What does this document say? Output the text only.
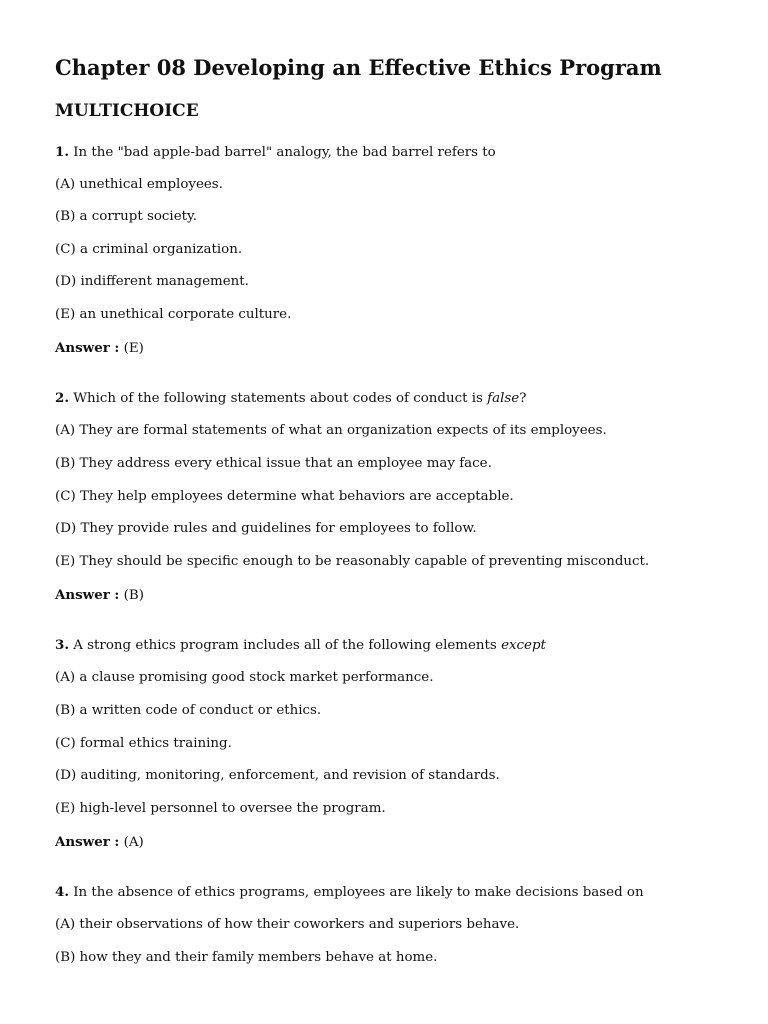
Chapter 08 Developing an Effective Ethics Program
MULTICHOICE

1. In the "bad apple-bad barrel" analogy, the bad barrel refers to

(A) unethical employees.

(B) a corrupt society.

(C) a criminal organization.

(D) indifferent management.

(E) an unethical corporate culture.

Answer : (E)

2. Which of the following statements about codes of conduct is false?

(A) They are formal statements of what an organization expects of its employees.

(B) They address every ethical issue that an employee may face.

(C) They help employees determine what behaviors are acceptable.

(D) They provide rules and guidelines for employees to follow.

(E) They should be specific enough to be reasonably capable of preventing misconduct.

Answer : (B)

3. A strong ethics program includes all of the following elements except

(A) a clause promising good stock market performance.

(B) a written code of conduct or ethics.

(C) formal ethics training.

(D) auditing, monitoring, enforcement, and revision of standards.

(E) high-level personnel to oversee the program.

Answer : (A)

4. In the absence of ethics programs, employees are likely to make decisions based on

(A) their observations of how their coworkers and superiors behave.

(B) how they and their family members behave at home.
